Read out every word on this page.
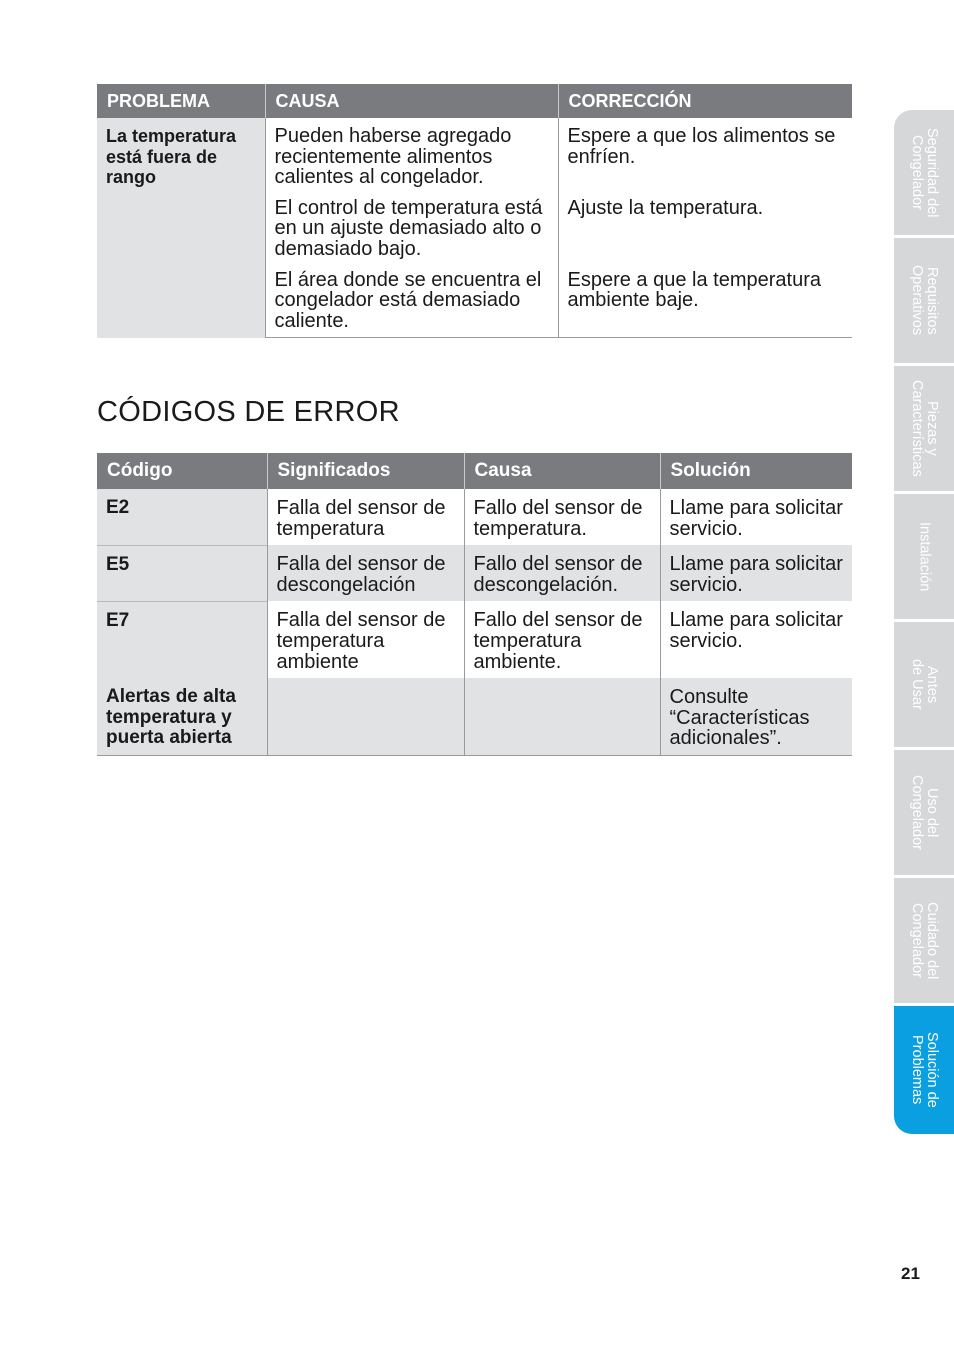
PROBLEMA	CAUSA	CORRECCIÓN
La temperatura está fuera de rango	Pueden haberse agregado recientemente alimentos calientes al congelador.	Espere a que los alimentos se enfríen.
	El control de temperatura está en un ajuste demasiado alto o demasiado bajo.	Ajuste la temperatura.
	El área donde se encuentra el congelador está demasiado caliente.	Espere a que la temperatura ambiente baje.
CÓDIGOS DE ERROR
Código	Significados	Causa	Solución
E2	Falla del sensor de temperatura	Fallo del sensor de temperatura.	Llame para solicitar servicio.
E5	Falla del sensor de descongelación	Fallo del sensor de descongelación.	Llame para solicitar servicio.
E7	Falla del sensor de temperatura ambiente	Fallo del sensor de temperatura ambiente.	Llame para solicitar servicio.
Alertas de alta temperatura y puerta abierta			Consulte “Características adicionales”.
Seguridad del
Congelador
Requisitos
Operativos
Piezas y
Características
Instalación
Antes
de Usar
Uso del
Congelador
Cuidado del
Congelador
Solución de
Problemas
21
